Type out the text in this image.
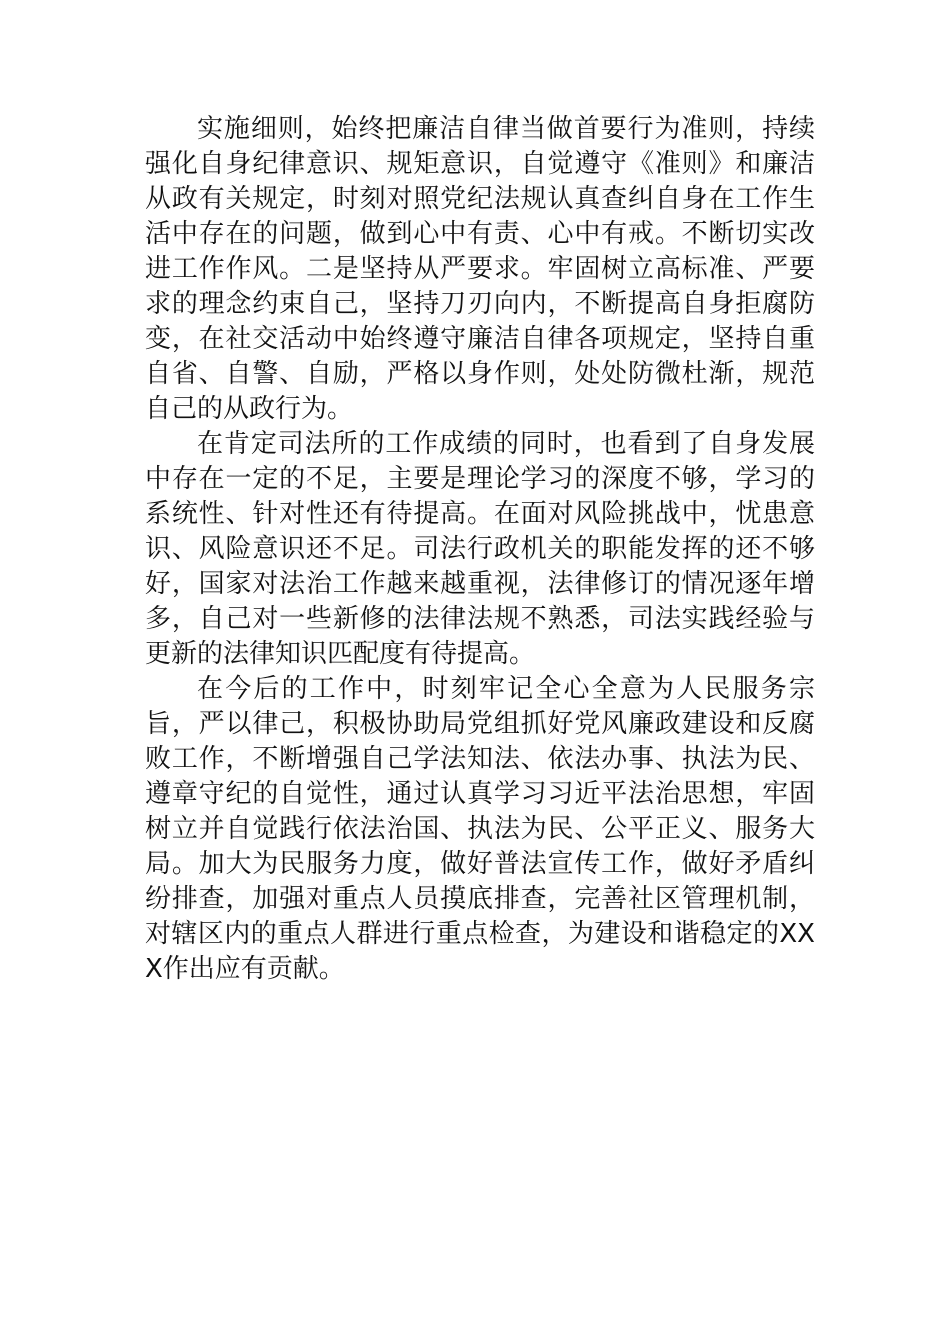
实施细则，始终把廉洁自律当做首要行为准则，持续强化自身纪律意识、规矩意识，自觉遵守《准则》和廉洁从政有关规定，时刻对照党纪法规认真查纠自身在工作生活中存在的问题，做到心中有责、心中有戒。不断切实改进工作作风。二是坚持从严要求。牢固树立高标准、严要求的理念约束自己，坚持刀刃向内，不断提高自身拒腐防变，在社交活动中始终遵守廉洁自律各项规定，坚持自重自省、自警、自励，严格以身作则，处处防微杜渐，规范自己的从政行为。

在肯定司法所的工作成绩的同时，也看到了自身发展中存在一定的不足，主要是理论学习的深度不够，学习的系统性、针对性还有待提高。在面对风险挑战中，忧患意识、风险意识还不足。司法行政机关的职能发挥的还不够好，国家对法治工作越来越重视，法律修订的情况逐年增多，自己对一些新修的法律法规不熟悉，司法实践经验与更新的法律知识匹配度有待提高。

在今后的工作中，时刻牢记全心全意为人民服务宗旨，严以律己，积极协助局党组抓好党风廉政建设和反腐败工作，不断增强自己学法知法、依法办事、执法为民、遵章守纪的自觉性，通过认真学习习近平法治思想，牢固树立并自觉践行依法治国、执法为民、公平正义、服务大局。加大为民服务力度，做好普法宣传工作，做好矛盾纠纷排查，加强对重点人员摸底排查，完善社区管理机制，对辖区内的重点人群进行重点检查，为建设和谐稳定的XXX作出应有贡献。
